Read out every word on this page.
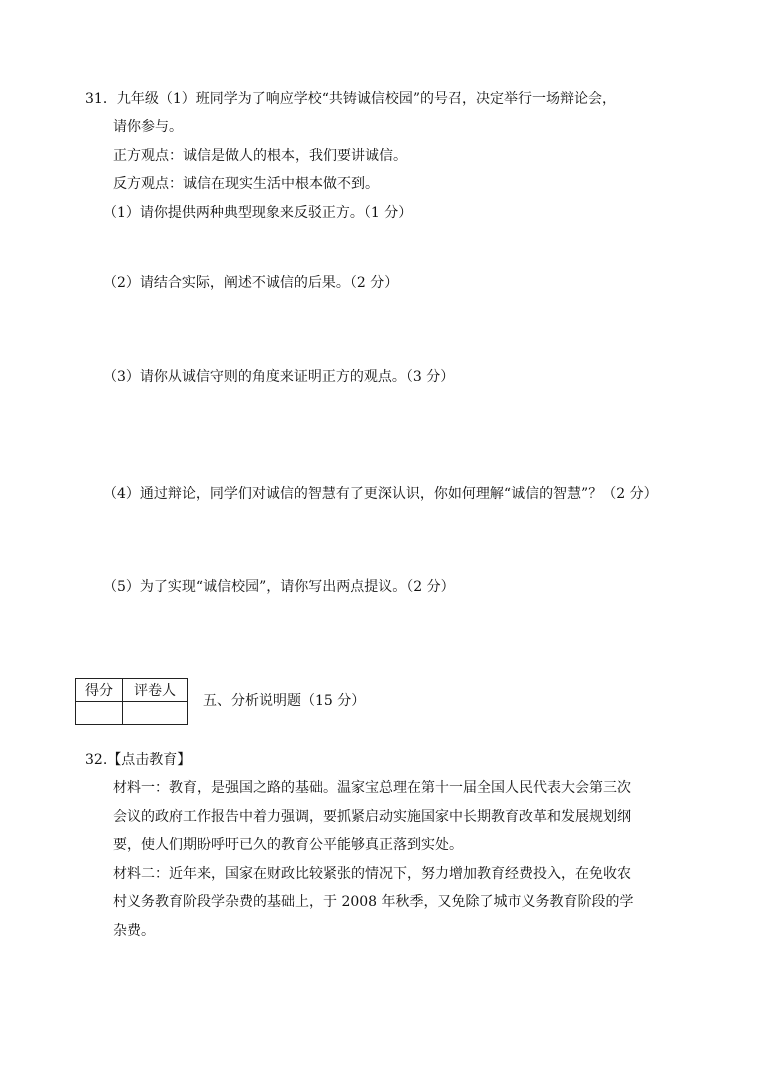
31．九年级（1）班同学为了响应学校“共铸诚信校园”的号召，决定举行一场辩论会，
请你参与。
正方观点：诚信是做人的根本，我们要讲诚信。
反方观点：诚信在现实生活中根本做不到。
（1）请你提供两种典型现象来反驳正方。（1 分）
（2）请结合实际，阐述不诚信的后果。（2 分）
（3）请你从诚信守则的角度来证明正方的观点。（3 分）
（4）通过辩论，同学们对诚信的智慧有了更深认识，你如何理解“诚信的智慧”？（2 分）
（5）为了实现“诚信校园”，请你写出两点提议。（2 分）
得分	评卷人

五、分析说明题（15 分）
32.【点击教育】
材料一：教育，是强国之路的基础。温家宝总理在第十一届全国人民代表大会第三次
会议的政府工作报告中着力强调，要抓紧启动实施国家中长期教育改革和发展规划纲
要，使人们期盼呼吁已久的教育公平能够真正落到实处。
材料二：近年来，国家在财政比较紧张的情况下，努力增加教育经费投入，在免收农
村义务教育阶段学杂费的基础上，于 2008 年秋季，又免除了城市义务教育阶段的学
杂费。
